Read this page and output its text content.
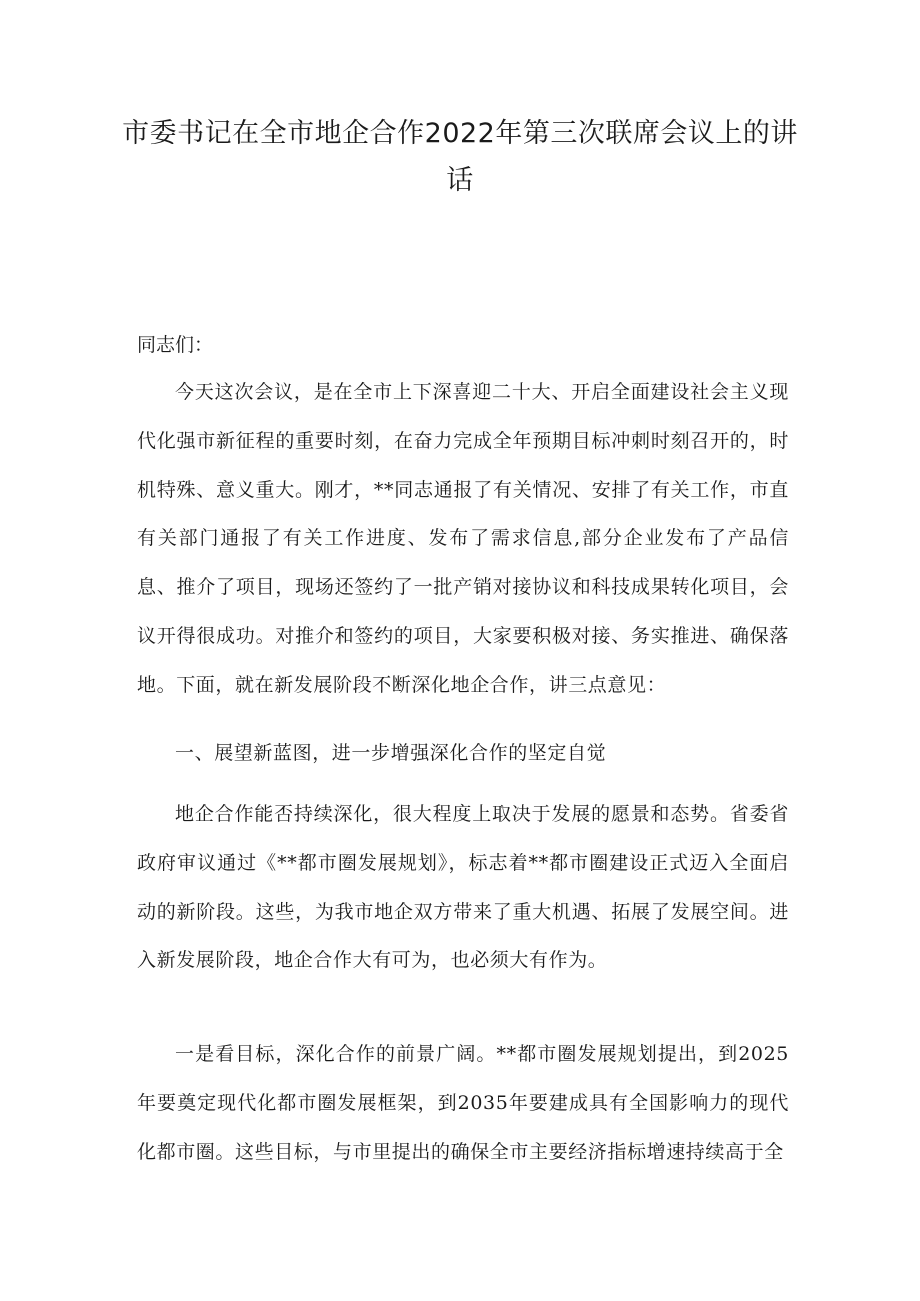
市委书记在全市地企合作2022年第三次联席会议上的讲话

同志们：

今天这次会议，是在全市上下深喜迎二十大、开启全面建设社会主义现代化强市新征程的重要时刻，在奋力完成全年预期目标冲刺时刻召开的，时机特殊、意义重大。刚才，**同志通报了有关情况、安排了有关工作，市直有关部门通报了有关工作进度、发布了需求信息,部分企业发布了产品信息、推介了项目，现场还签约了一批产销对接协议和科技成果转化项目，会议开得很成功。对推介和签约的项目，大家要积极对接、务实推进、确保落地。下面，就在新发展阶段不断深化地企合作，讲三点意见：

一、展望新蓝图，进一步增强深化合作的坚定自觉

地企合作能否持续深化，很大程度上取决于发展的愿景和态势。省委省政府审议通过《**都市圈发展规划》，标志着**都市圈建设正式迈入全面启动的新阶段。这些，为我市地企双方带来了重大机遇、拓展了发展空间。进入新发展阶段，地企合作大有可为，也必须大有作为。

一是看目标，深化合作的前景广阔。**都市圈发展规划提出，到2025年要奠定现代化都市圈发展框架，到2035年要建成具有全国影响力的现代化都市圈。这些目标，与市里提出的确保全市主要经济指标增速持续高于全
